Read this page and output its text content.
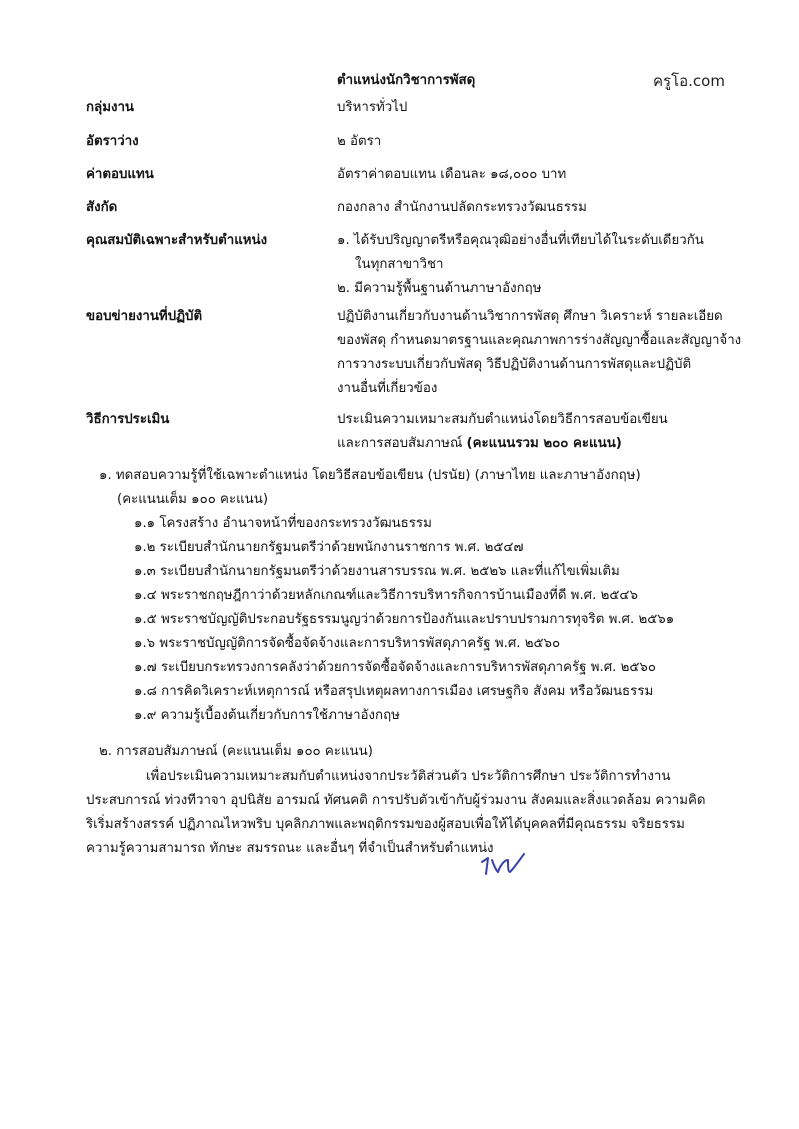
ตำแหน่งนักวิชาการพัสดุ	ครูโอ.com
กลุ่มงาน	บริหารทั่วไป
อัตราว่าง	๒ อัตรา
ค่าตอบแทน	อัตราค่าตอบแทน เดือนละ ๑๘,๐๐๐ บาท
สังกัด	กองกลาง สำนักงานปลัดกระทรวงวัฒนธรรม
คุณสมบัติเฉพาะสำหรับตำแหน่ง	๑. ได้รับปริญญาตรีหรือคุณวุฒิอย่างอื่นที่เทียบได้ในระดับเดียวกัน
ในทุกสาขาวิชา
๒. มีความรู้พื้นฐานด้านภาษาอังกฤษ
ขอบข่ายงานที่ปฏิบัติ	ปฏิบัติงานเกี่ยวกับงานด้านวิชาการพัสดุ ศึกษา วิเคราะห์ รายละเอียด
ของพัสดุ กำหนดมาตรฐานและคุณภาพการร่างสัญญาซื้อและสัญญาจ้าง
การวางระบบเกี่ยวกับพัสดุ วิธีปฏิบัติงานด้านการพัสดุและปฏิบัติ
งานอื่นที่เกี่ยวข้อง
วิธีการประเมิน	ประเมินความเหมาะสมกับตำแหน่งโดยวิธีการสอบข้อเขียน
และการสอบสัมภาษณ์ (คะแนนรวม ๒๐๐ คะแนน)
๑. ทดสอบความรู้ที่ใช้เฉพาะตำแหน่ง โดยวิธีสอบข้อเขียน (ปรนัย) (ภาษาไทย และภาษาอังกฤษ)
(คะแนนเต็ม ๑๐๐ คะแนน)
๑.๑ โครงสร้าง อำนาจหน้าที่ของกระทรวงวัฒนธรรม
๑.๒ ระเบียบสำนักนายกรัฐมนตรีว่าด้วยพนักงานราชการ พ.ศ. ๒๕๔๗
๑.๓ ระเบียบสำนักนายกรัฐมนตรีว่าด้วยงานสารบรรณ พ.ศ. ๒๕๒๖ และที่แก้ไขเพิ่มเติม
๑.๔ พระราชกฤษฎีกาว่าด้วยหลักเกณฑ์และวิธีการบริหารกิจการบ้านเมืองที่ดี พ.ศ. ๒๕๔๖
๑.๕ พระราชบัญญัติประกอบรัฐธรรมนูญว่าด้วยการป้องกันและปราบปรามการทุจริต พ.ศ. ๒๕๖๑
๑.๖ พระราชบัญญัติการจัดซื้อจัดจ้างและการบริหารพัสดุภาครัฐ พ.ศ. ๒๕๖๐
๑.๗ ระเบียบกระทรวงการคลังว่าด้วยการจัดซื้อจัดจ้างและการบริหารพัสดุภาครัฐ พ.ศ. ๒๕๖๐
๑.๘ การคิดวิเคราะห์เหตุการณ์ หรือสรุปเหตุผลทางการเมือง เศรษฐกิจ สังคม หรือวัฒนธรรม
๑.๙ ความรู้เบื้องต้นเกี่ยวกับการใช้ภาษาอังกฤษ
๒. การสอบสัมภาษณ์ (คะแนนเต็ม ๑๐๐ คะแนน)
เพื่อประเมินความเหมาะสมกับตำแหน่งจากประวัติส่วนตัว ประวัติการศึกษา ประวัติการทำงาน
ประสบการณ์ ท่วงทีวาจา อุปนิสัย อารมณ์ ทัศนคติ การปรับตัวเข้ากับผู้ร่วมงาน สังคมและสิ่งแวดล้อม ความคิด
ริเริ่มสร้างสรรค์ ปฏิภาณไหวพริบ บุคลิกภาพและพฤติกรรมของผู้สอบเพื่อให้ได้บุคคลที่มีคุณธรรม จริยธรรม
ความรู้ความสามารถ ทักษะ สมรรถนะ และอื่นๆ ที่จำเป็นสำหรับตำแหน่ง
